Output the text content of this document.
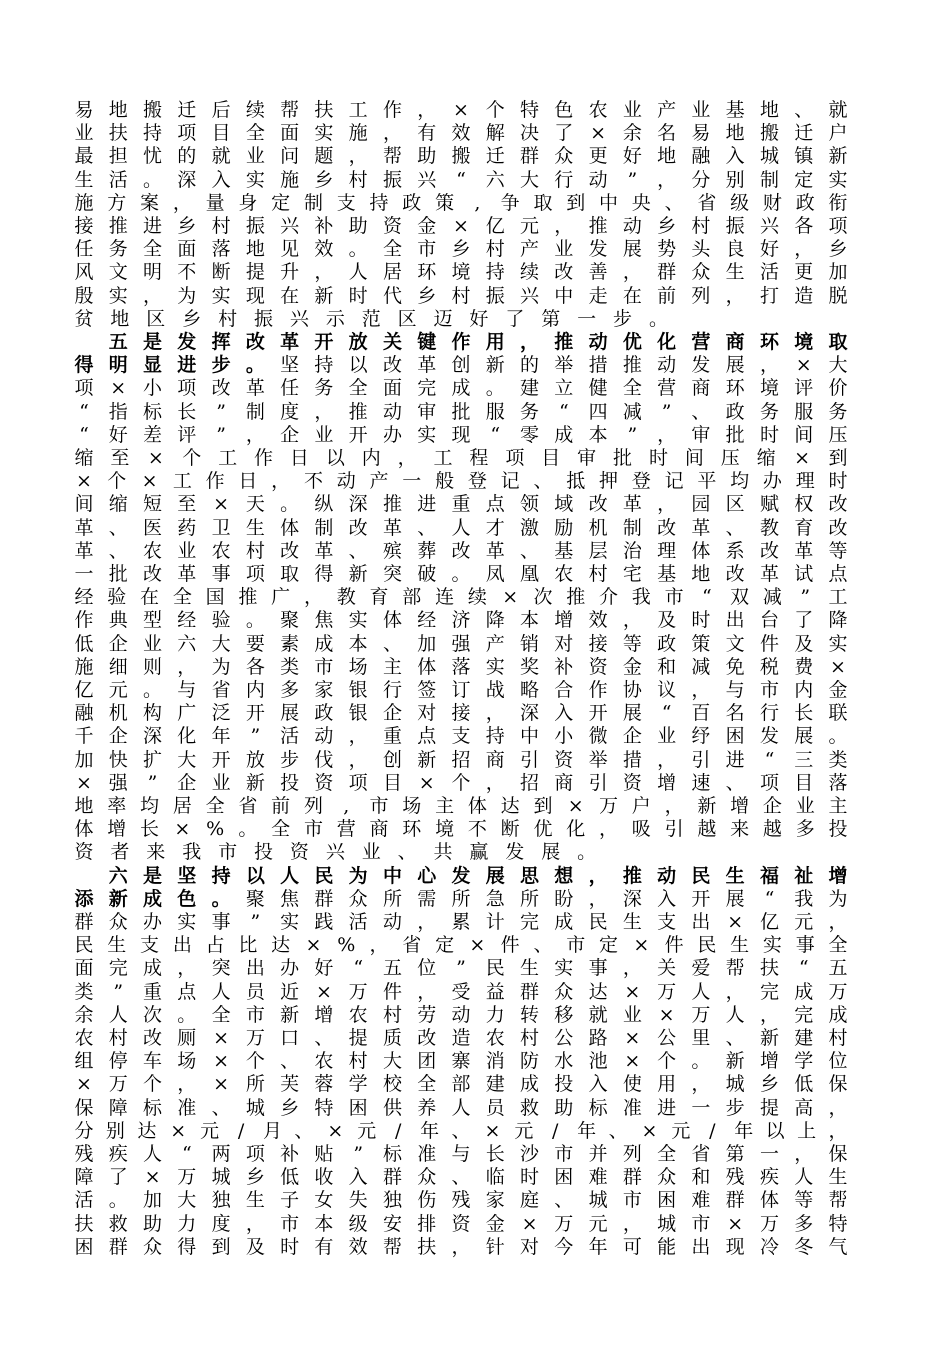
易 地 搬 迁 后 续 帮 扶 工 作 ， × 个 特 色 农 业 产 业 基 地 、 就
业 扶 持 项 目 全 面 实 施 ， 有 效 解 决 了 × 余 名 易 地 搬 迁 户
最 担 忧 的 就 业 问 题 ， 帮 助 搬 迁 群 众 更 好 地 融 入 城 镇 新
生 活 。 深 入 实 施 乡 村 振 兴	“	六 大 行 动	”	， 分 别 制 定 实
施 方 案 ， 量 身 定 制 支 持 政 策	,	争 取 到 中 央 、 省 级 财 政 衔
接 推 进 乡 村 振 兴 补 助 资 金 × 亿 元 ， 推 动 乡 村 振 兴 各 项
任 务 全 面 落 地 见 效 。 全 市 乡 村 产 业 发 展 势 头 良 好 ， 乡
风 文 明 不 断 提 升 ， 人 居 环 境 持 续 改 善 ， 群 众 生 活 更 加
殷 实 ， 为 实 现 在 新 时 代 乡 村 振 兴 中 走 在 前 列 ， 打 造 脱
贫 地 区 乡 村 振 兴 示 范 区 迈 好 了 第 一 步 。
五 是 发 挥 改 革 开 放 关 键 作 用 ， 推 动 优 化 营 商 环 境 取
得 明 显 进 步 。 坚 持 以 改 革 创 新 的 举 措 推 动 发 展 ， × 大
项 × 小 项 改 革 任 务 全 面 完 成 。 建 立 健 全 营 商 环 境 评 价
“	指 标 长	”	制 度 ， 推 动 审 批 服 务	“	四 减	”	、 政 务 服 务
“	好 差 评	”	， 企 业 开 办 实 现	“	零 成 本	”	， 审 批 时 间 压
缩 至 × 个 工 作 日 以 内 ， 工 程 项 目 审 批 时 间 压 缩 × 到
× 个 × 工 作 日 ， 不 动 产 一 般 登 记 、 抵 押 登 记 平 均 办 理 时
间 缩 短 至 × 天 。 纵 深 推 进 重 点 领 域 改 革 ， 园 区 赋 权 改
革 、 医 药 卫 生 体 制 改 革 、 人 才 激 励 机 制 改 革 、 教 育 改
革 、 农 业 农 村 改 革 、 殡 葬 改 革 、 基 层 治 理 体 系 改 革 等
一 批 改 革 事 项 取 得 新 突 破 。 凤 凰 农 村 宅 基 地 改 革 试 点
经 验 在 全 国 推 广 ， 教 育 部 连 续 × 次 推 介 我 市 “ 双 减 ” 工
作 典 型 经 验 。 聚 焦 实 体 经 济 降 本 增 效 ， 及 时 出 台 了 降
低 企 业 六 大 要 素 成 本 、 加 强 产 销 对 接 等 政 策 文 件 及 实
施 细 则 ， 为 各 类 市 场 主 体 落 实 奖 补 资 金 和 减 免 税 费 ×
亿 元 。 与 省 内 多 家 银 行 签 订 战 略 合 作 协 议 ， 与 市 内 金
融 机 构 广 泛 开 展 政 银 企 对 接 ， 深 入 开 展	“	百 名 行 长 联
千 企 深 化 年	”	活 动 ， 重 点 支 持 中 小 微 企 业 纾 困 发 展 。
加 快 扩 大 开 放 步 伐 ， 创 新 招 商 引 资 举 措 ， 引 进	“	三 类
× 强	”	企 业 新 投 资 项 目 × 个 ， 招 商 引 资 增 速 、 项 目 落
地 率 均 居 全 省 前 列	,	市 场 主 体 达 到 × 万 户 ， 新 增 企 业 主
体 增 长 × % 。 全 市 营 商 环 境 不 断 优 化 ， 吸 引 越 来 越 多 投
资 者 来 我 市 投 资 兴 业 、 共 赢 发 展 。
六 是 坚 持 以 人 民 为 中 心 发 展 思 想 ， 推 动 民 生 福 祉 增
添 新 成 色 。 聚 焦 群 众 所 需 所 急 所 盼 ， 深 入 开 展	“	我 为
群 众 办 实 事	”	实 践 活 动 ， 累 计 完 成 民 生 支 出 × 亿 元 ，
民 生 支 出 占 比 达 × % ， 省 定 × 件 、 市 定 × 件 民 生 实 事 全
面 完 成 ， 突 出 办 好	“	五 位	”	民 生 实 事 ， 关 爱 帮 扶	“	五
类	”	重 点 人 员 近 × 万 件 ， 受 益 群 众 达 × 万 人 ， 完 成 万
余 人 次 。 全 市 新 增 农 村 劳 动 力 转 移 就 业 × 万 人 ， 完 成
农 村 改 厕 × 万 口 、 提 质 改 造 农 村 公 路 × 公 里 、 新 建 村
组 停 车 场 × 个 、 农 村 大 团 寨 消 防 水 池 × 个 。 新 增 学 位
× 万 个 ， × 所 芙 蓉 学 校 全 部 建 成 投 入 使 用 ， 城 乡 低 保
保 障 标 准 、 城 乡 特 困 供 养 人 员 救 助 标 准 进 一 步 提 高 ，
分 别 达 × 元 / 月 、 × 元 / 年 、 × 元 / 年 、 × 元 / 年 以 上 ，
残 疾 人	“	两 项 补 贴	”	标 准 与 长 沙 市 并 列 全 省 第 一 ， 保
障 了 × 万 城 乡 低 收 入 群 众 、 临 时 困 难 群 众 和 残 疾 人 生
活 。 加 大 独 生 子 女 失 独 伤 残 家 庭 、 城 市 困 难 群 体 等 帮
扶 救 助 力 度 ， 市 本 级 安 排 资 金 × 万 元 ， 城 市 × 万 多 特
困 群 众 得 到 及 时 有 效 帮 扶 ， 针 对 今 年 可 能 出 现 冷 冬 气
